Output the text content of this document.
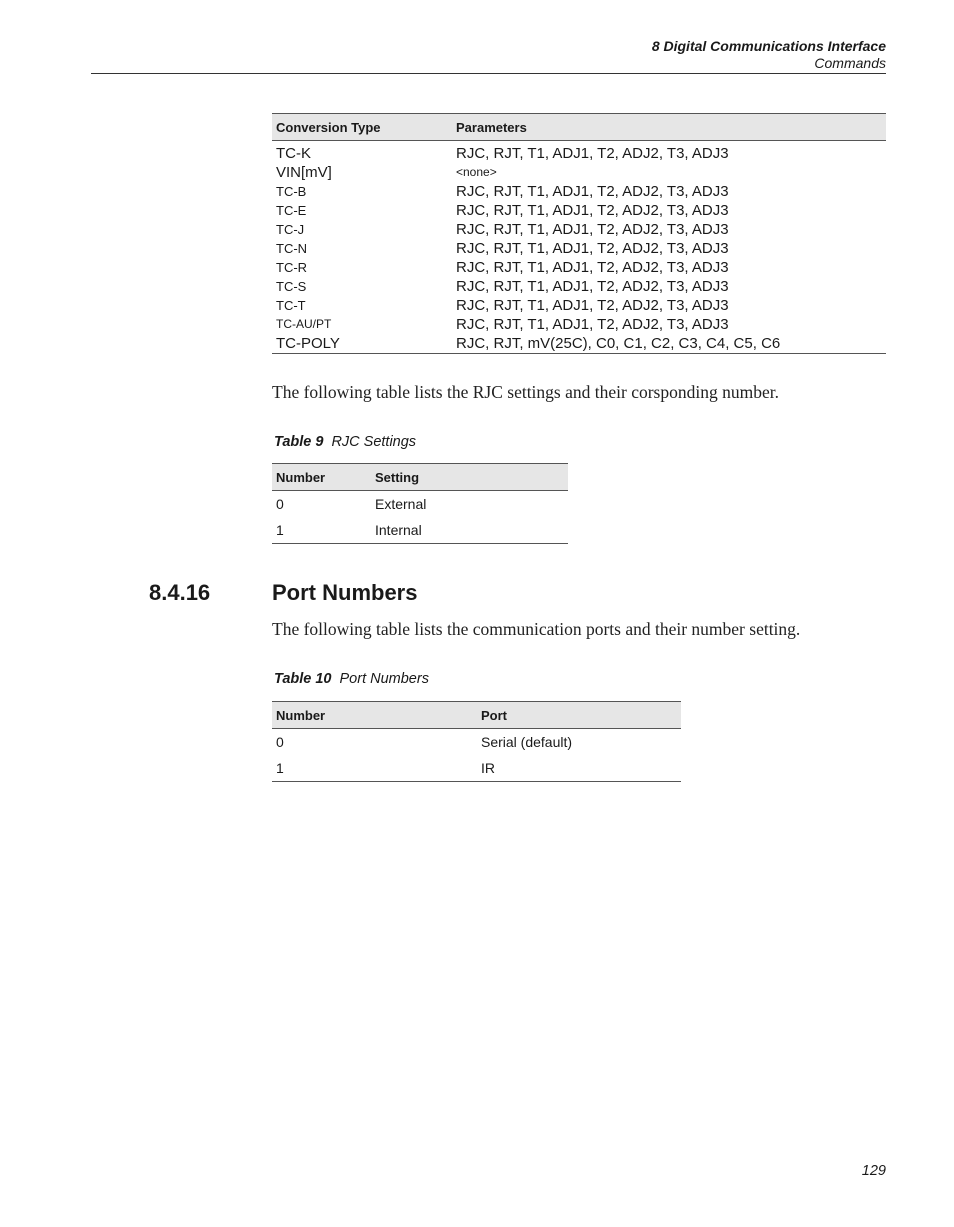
8 Digital Communications Interface
Commands
Conversion Type	Parameters
TC-K	RJC, RJT, T1, ADJ1, T2, ADJ2, T3, ADJ3
VIN[mV]	<none>
TC-B	RJC, RJT, T1, ADJ1, T2, ADJ2, T3, ADJ3
TC-E	RJC, RJT, T1, ADJ1, T2, ADJ2, T3, ADJ3
TC-J	RJC, RJT, T1, ADJ1, T2, ADJ2, T3, ADJ3
TC-N	RJC, RJT, T1, ADJ1, T2, ADJ2, T3, ADJ3
TC-R	RJC, RJT, T1, ADJ1, T2, ADJ2, T3, ADJ3
TC-S	RJC, RJT, T1, ADJ1, T2, ADJ2, T3, ADJ3
TC-T	RJC, RJT, T1, ADJ1, T2, ADJ2, T3, ADJ3
TC-AU/PT	RJC, RJT, T1, ADJ1, T2, ADJ2, T3, ADJ3
TC-POLY	RJC, RJT, mV(25C), C0, C1, C2, C3, C4, C5, C6
The following table lists the RJC settings and their corsponding number.
Table 9 RJC Settings
Number	Setting
0	External
1	Internal
8.4.16	Port Numbers
The following table lists the communication ports and their number setting.
Table 10 Port Numbers
Number	Port
0	Serial (default)
1	IR
129
